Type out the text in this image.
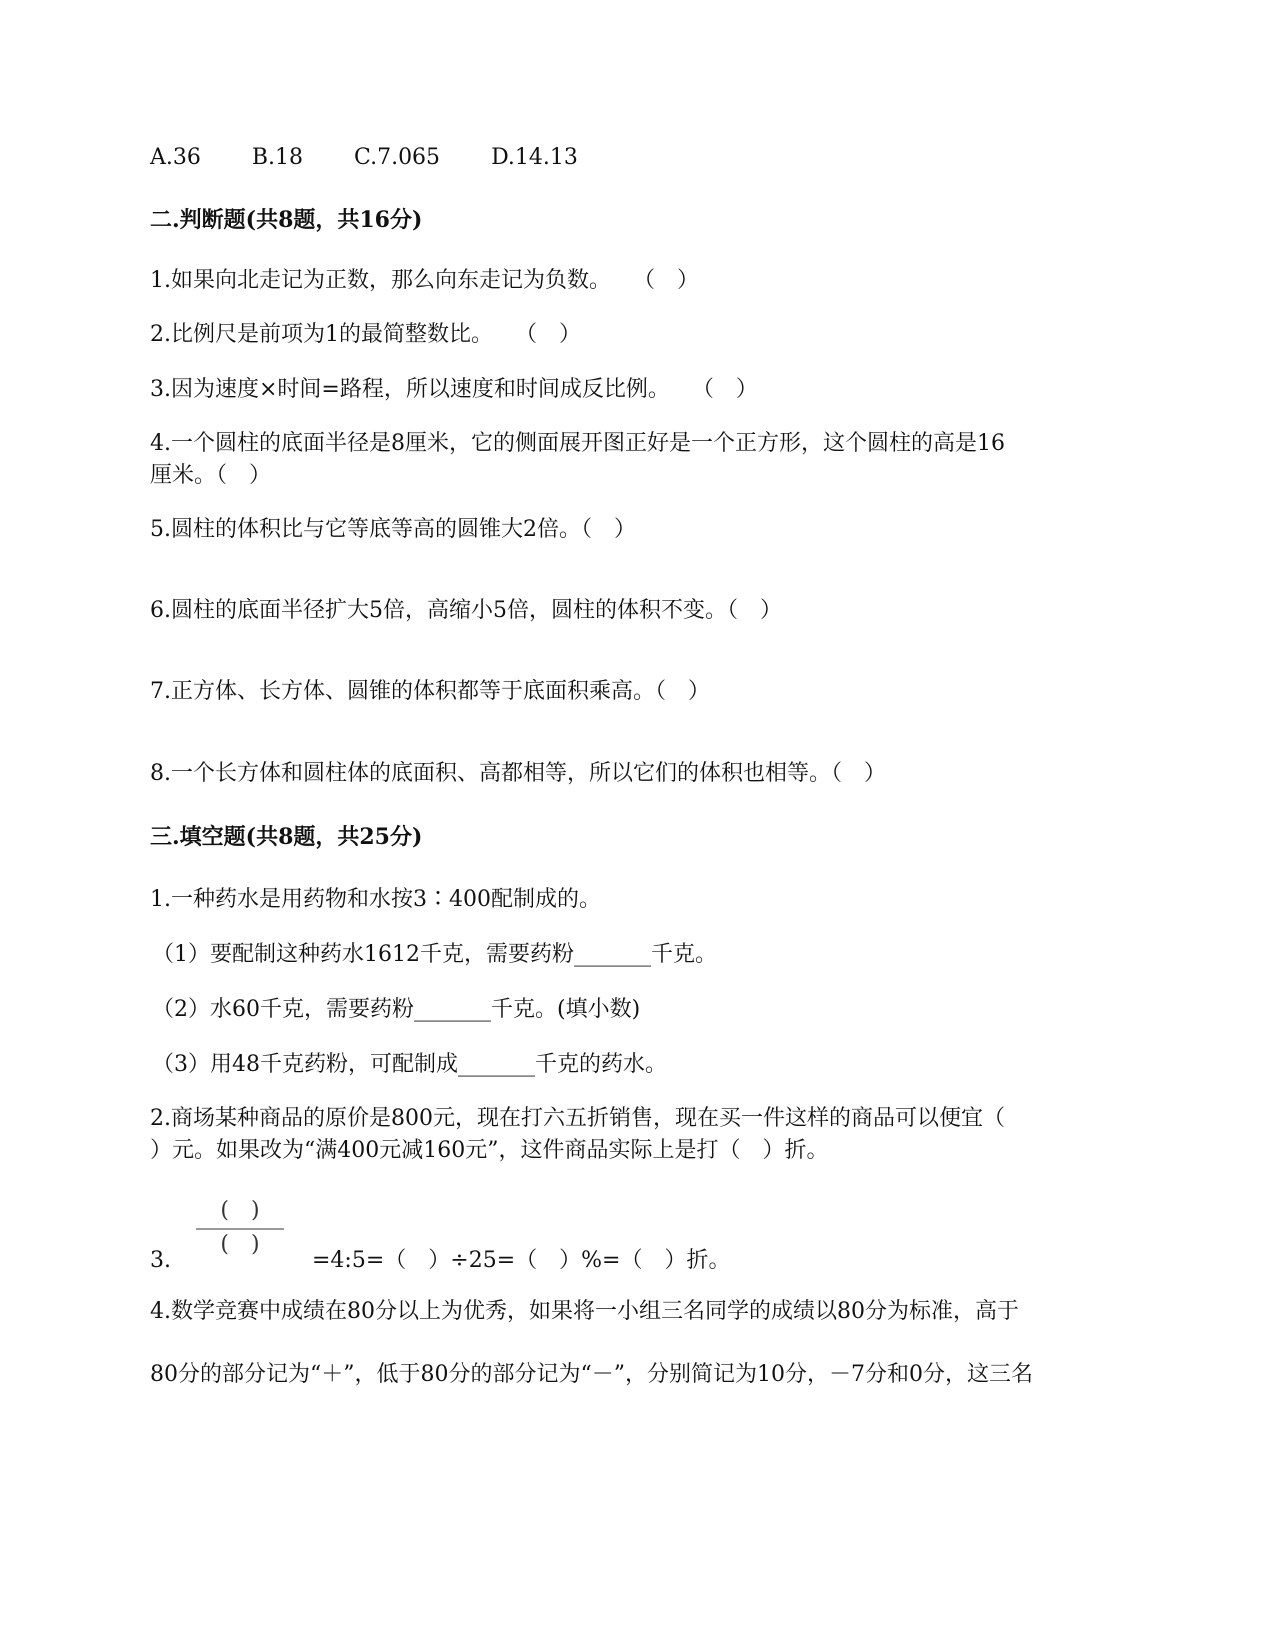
A.36 B.18 C.7.065 D.14.13
二.判断题(共8题，共16分)
1.如果向北走记为正数，那么向东走记为负数。　　（　）
2.比例尺是前项为1的最简整数比。　　（　）
3.因为速度×时间=路程，所以速度和时间成反比例。　　（　）
4.一个圆柱的底面半径是8厘米，它的侧面展开图正好是一个正方形，这个圆柱的高是16
厘米。（　）
5.圆柱的体积比与它等底等高的圆锥大2倍。（　）
6.圆柱的底面半径扩大5倍，高缩小5倍，圆柱的体积不变。（　）
7.正方体、长方体、圆锥的体积都等于底面积乘高。（　）
8.一个长方体和圆柱体的底面积、高都相等，所以它们的体积也相等。（　）
三.填空题(共8题，共25分)
1.一种药水是用药物和水按3∶400配制成的。
（1）要配制这种药水1612千克，需要药粉_______千克。
（2）水60千克，需要药粉_______千克。(填小数)
（3）用48千克药粉，可配制成_______千克的药水。
2.商场某种商品的原价是800元，现在打六五折销售，现在买一件这样的商品可以便宜（
）元。如果改为“满400元减160元”，这件商品实际上是打（　）折。
3.
(　)
(　)
=4:5=（　）÷25=（　）%=（　）折。
4.数学竞赛中成绩在80分以上为优秀，如果将一小组三名同学的成绩以80分为标准，高于
80分的部分记为“＋”，低于80分的部分记为“－”，分别简记为10分，－7分和0分，这三名
